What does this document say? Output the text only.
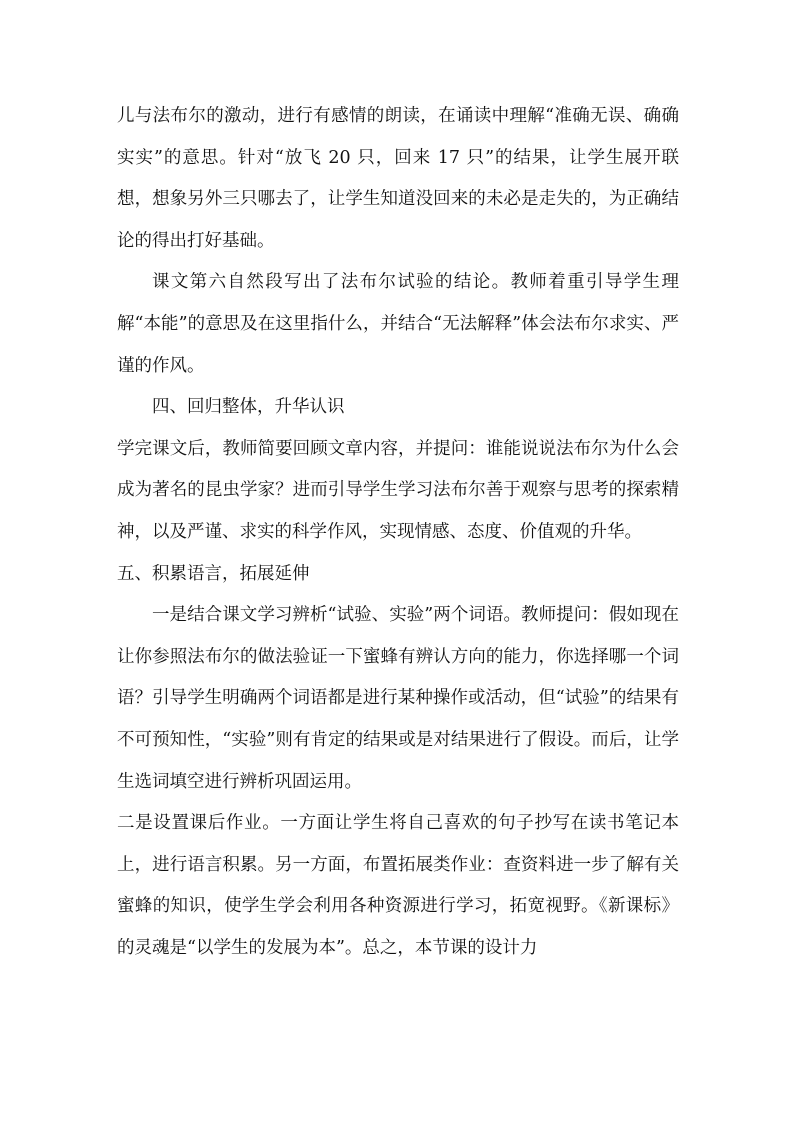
儿与法布尔的激动，进行有感情的朗读，在诵读中理解“准确无误、确确实实”的意思。针对“放飞 20 只，回来 17 只”的结果，让学生展开联想，想象另外三只哪去了，让学生知道没回来的未必是走失的，为正确结论的得出打好基础。

课文第六自然段写出了法布尔试验的结论。教师着重引导学生理解“本能”的意思及在这里指什么，并结合“无法解释”体会法布尔求实、严谨的作风。

四、回归整体，升华认识

学完课文后，教师简要回顾文章内容，并提问：谁能说说法布尔为什么会成为著名的昆虫学家？进而引导学生学习法布尔善于观察与思考的探索精神，以及严谨、求实的科学作风，实现情感、态度、价值观的升华。

五、积累语言，拓展延伸

一是结合课文学习辨析“试验、实验”两个词语。教师提问：假如现在让你参照法布尔的做法验证一下蜜蜂有辨认方向的能力，你选择哪一个词语？引导学生明确两个词语都是进行某种操作或活动，但“试验”的结果有不可预知性，“实验”则有肯定的结果或是对结果进行了假设。而后，让学生选词填空进行辨析巩固运用。

二是设置课后作业。一方面让学生将自己喜欢的句子抄写在读书笔记本上，进行语言积累。另一方面，布置拓展类作业：查资料进一步了解有关蜜蜂的知识，使学生学会利用各种资源进行学习，拓宽视野。《新课标》的灵魂是“以学生的发展为本”。总之，本节课的设计力
